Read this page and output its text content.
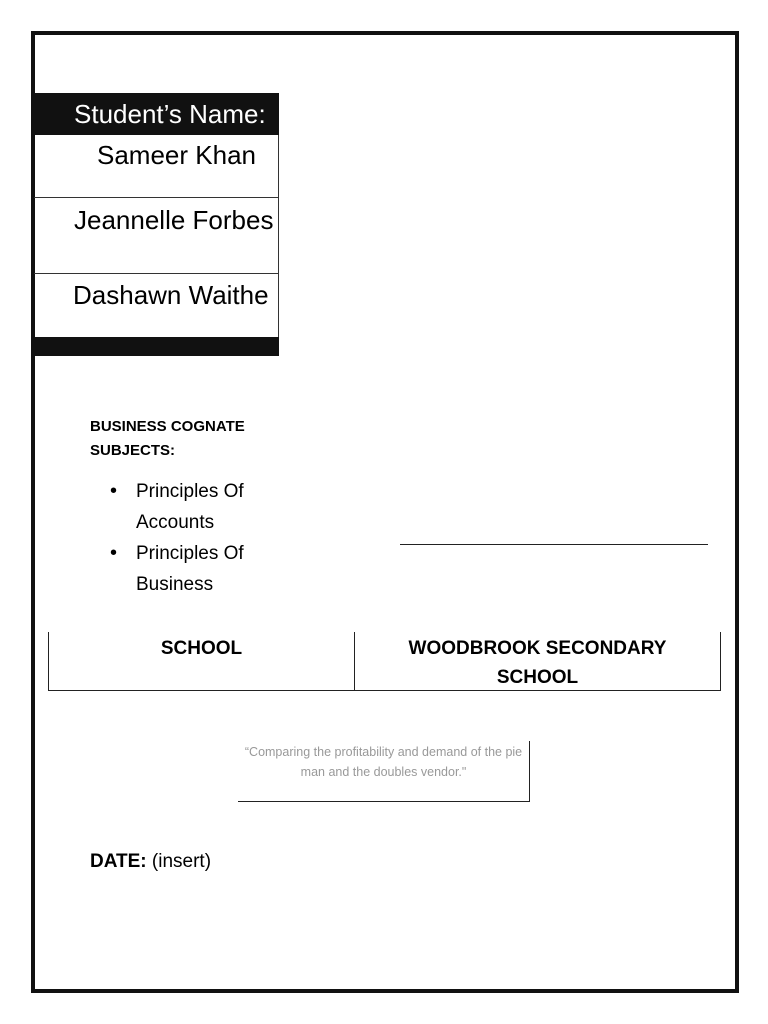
Student’s Name:
Sameer Khan
Jeannelle Forbes
Dashawn Waithe
BUSINESS COGNATE SUBJECTS:
• Principles Of Accounts
• Principles Of Business
SCHOOL	WOODBROOK SECONDARY SCHOOL
“Comparing the profitability and demand of the pie man and the doubles vendor."
DATE: (insert)
